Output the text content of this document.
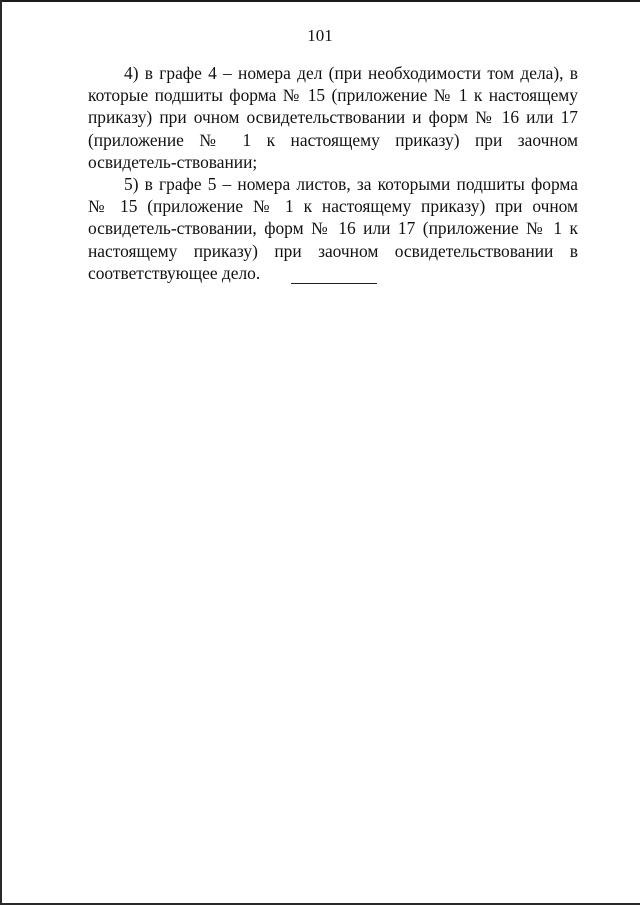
101

4) в графе 4 – номера дел (при необходимости том дела), в которые подшиты форма № 15 (приложение № 1 к настоящему приказу) при очном освидетельствовании и форм № 16 или 17 (приложение № 1 к настоящему приказу) при заочном освидетель-ствовании;

5) в графе 5 – номера листов, за которыми подшиты форма № 15 (приложение № 1 к настоящему приказу) при очном освидетель-ствовании, форм № 16 или 17 (приложение № 1 к настоящему приказу) при заочном освидетельствовании в соответствующее дело.
